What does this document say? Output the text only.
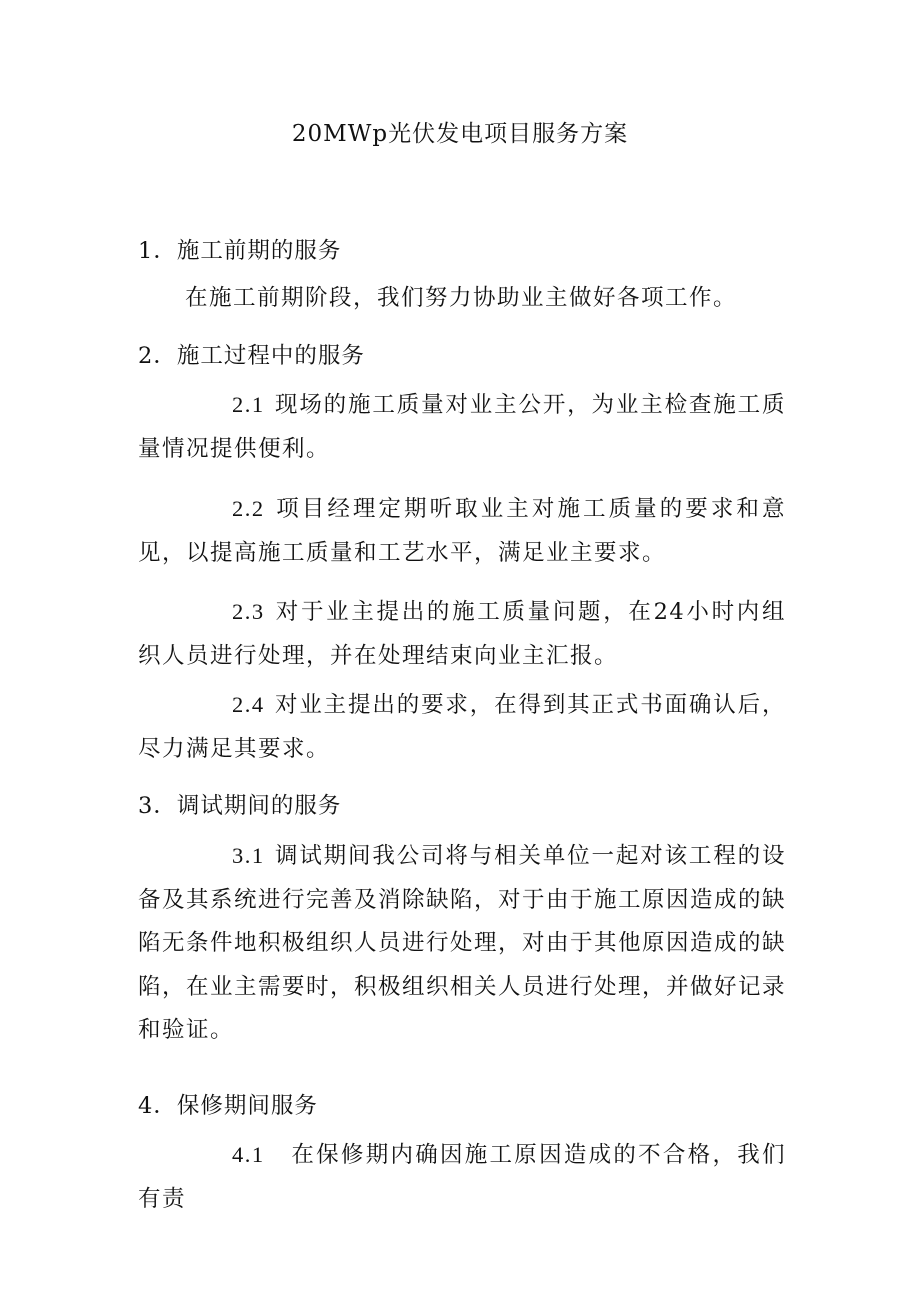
20MWp光伏发电项目服务方案
1．施工前期的服务
在施工前期阶段，我们努力协助业主做好各项工作。
2．施工过程中的服务
2.1 现场的施工质量对业主公开，为业主检查施工质量情况提供便利。
2.2 项目经理定期听取业主对施工质量的要求和意见，以提高施工质量和工艺水平，满足业主要求。
2.3 对于业主提出的施工质量问题，在24小时内组织人员进行处理，并在处理结束向业主汇报。
2.4 对业主提出的要求，在得到其正式书面确认后，尽力满足其要求。
3．调试期间的服务
3.1 调试期间我公司将与相关单位一起对该工程的设备及其系统进行完善及消除缺陷，对于由于施工原因造成的缺陷无条件地积极组织人员进行处理，对由于其他原因造成的缺陷，在业主需要时，积极组织相关人员进行处理，并做好记录和验证。
4．保修期间服务
4.1 在保修期内确因施工原因造成的不合格，我们有责
